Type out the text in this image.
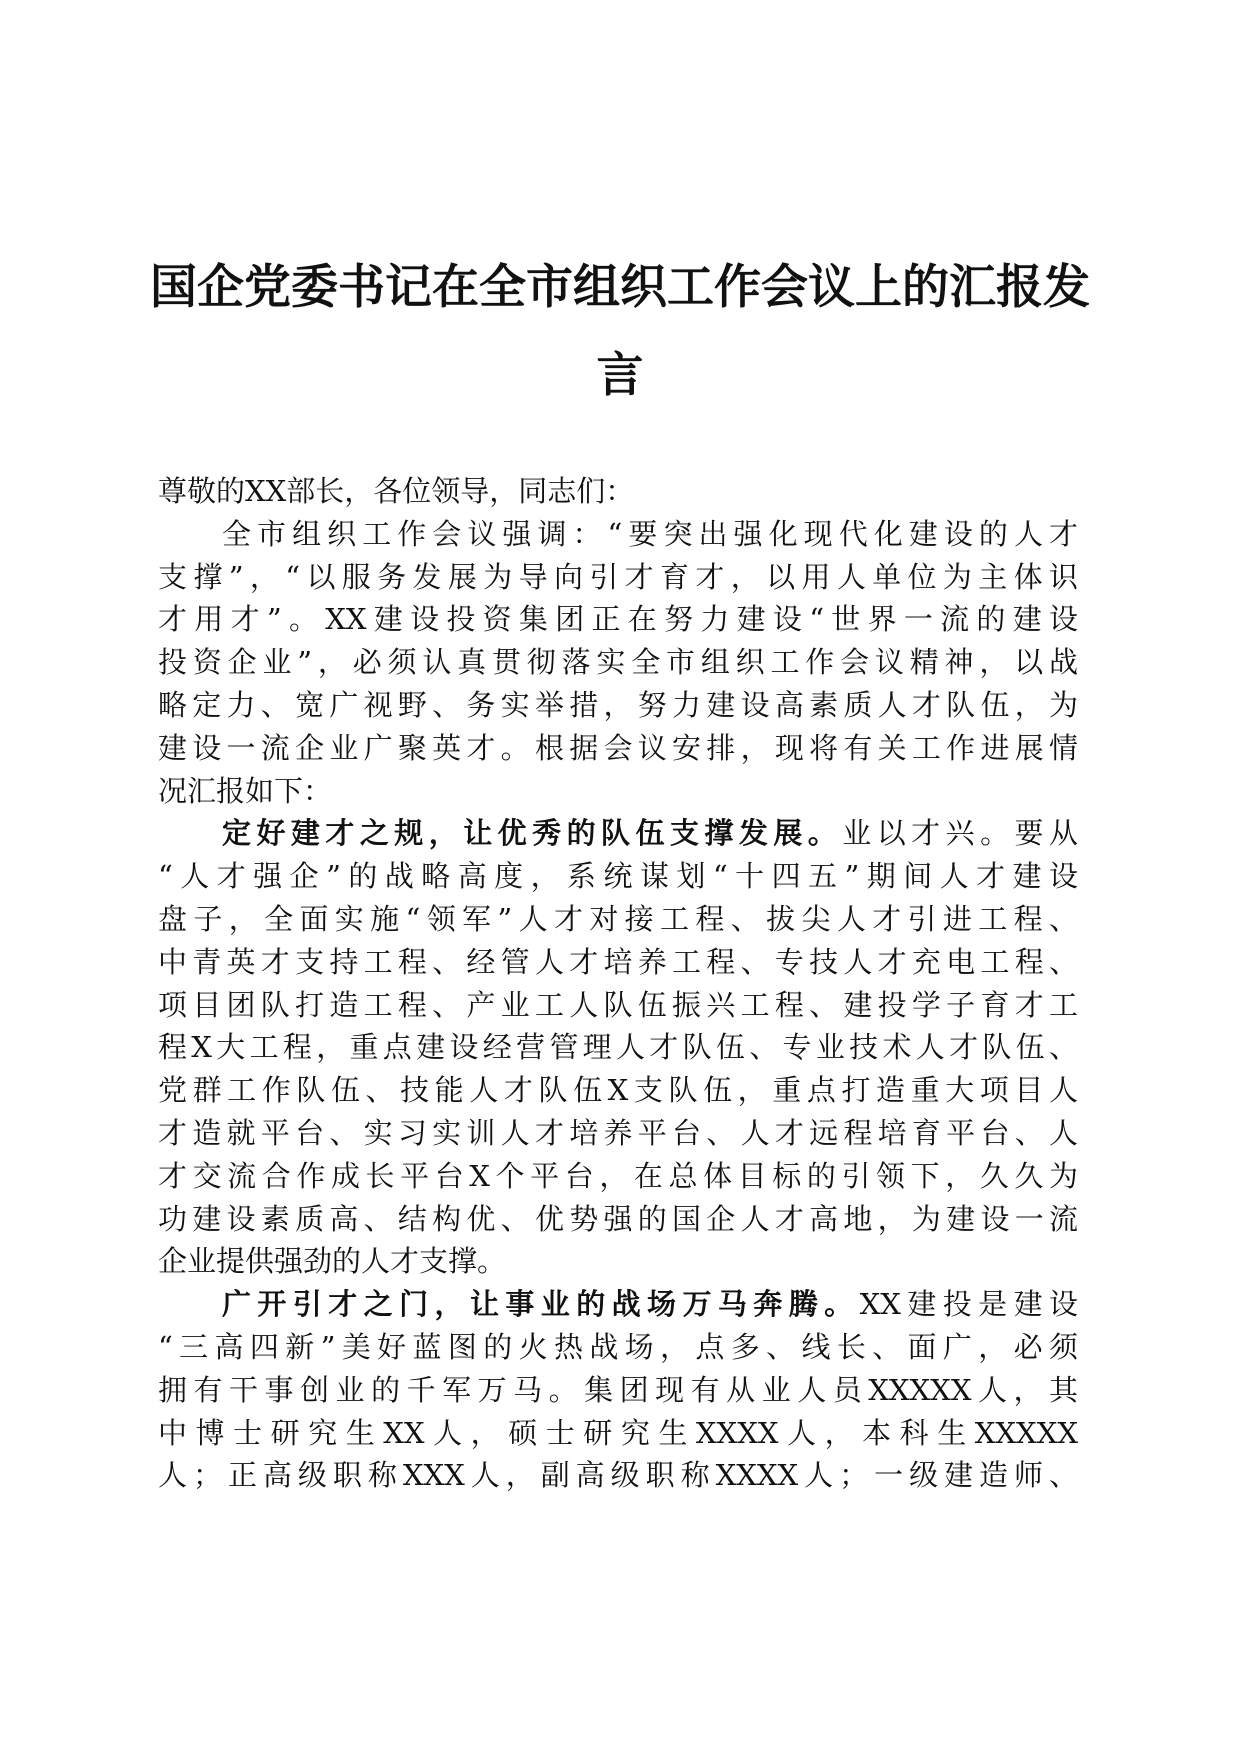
国企党委书记在全市组织工作会议上的汇报发
言
尊敬的XX部长，各位领导，同志们：
全市组织工作会议强调：“要突出强化现代化建设的人才
支撑”，“以服务发展为导向引才育才，以用人单位为主体识
才用才”。XX建设投资集团正在努力建设“世界一流的建设
投资企业”，必须认真贯彻落实全市组织工作会议精神，以战
略定力、宽广视野、务实举措，努力建设高素质人才队伍，为
建设一流企业广聚英才。根据会议安排，现将有关工作进展情
况汇报如下：
定好建才之规，让优秀的队伍支撑发展。业以才兴。要从
“人才强企”的战略高度，系统谋划“十四五”期间人才建设
盘子，全面实施“领军”人才对接工程、拔尖人才引进工程、
中青英才支持工程、经管人才培养工程、专技人才充电工程、
项目团队打造工程、产业工人队伍振兴工程、建投学子育才工
程X大工程，重点建设经营管理人才队伍、专业技术人才队伍、
党群工作队伍、技能人才队伍X支队伍，重点打造重大项目人
才造就平台、实习实训人才培养平台、人才远程培育平台、人
才交流合作成长平台X个平台，在总体目标的引领下，久久为
功建设素质高、结构优、优势强的国企人才高地，为建设一流
企业提供强劲的人才支撑。
广开引才之门，让事业的战场万马奔腾。XX建投是建设
“三高四新”美好蓝图的火热战场，点多、线长、面广，必须
拥有干事创业的千军万马。集团现有从业人员XXXXX人，其
中博士研究生XX人，硕士研究生XXXX人，本科生XXXXX
人；正高级职称XXX人，副高级职称XXXX人；一级建造师、
